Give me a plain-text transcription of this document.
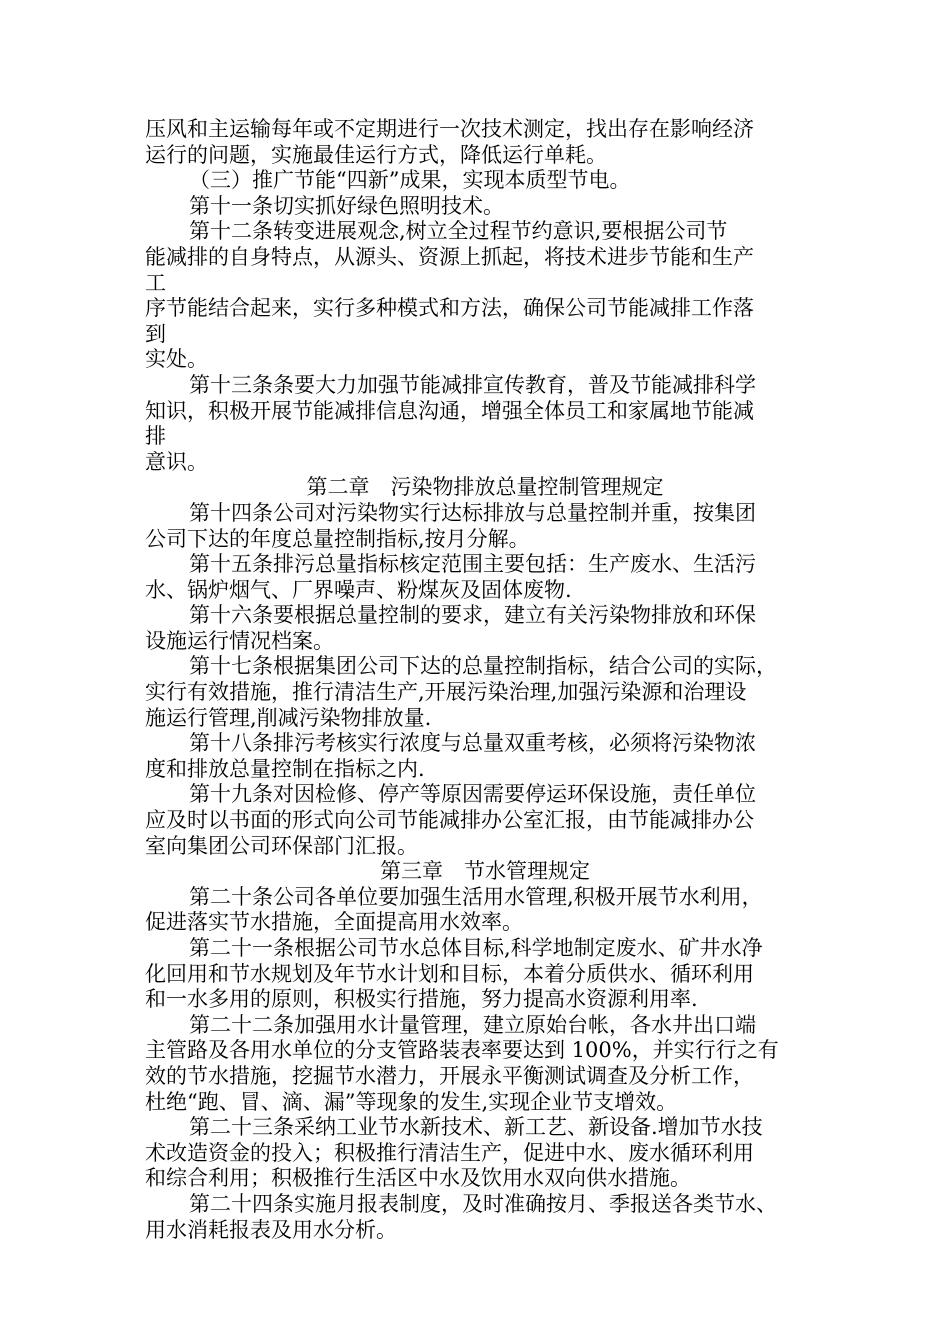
压风和主运输每年或不定期进行一次技术测定，找出存在影响经济
运行的问题，实施最佳运行方式，降低运行单耗。
（三）推广节能“四新”成果，实现本质型节电。
第十一条切实抓好绿色照明技术。
第十二条转变进展观念,树立全过程节约意识,要根据公司节
能减排的自身特点，从源头、资源上抓起，将技术进步节能和生产
工
序节能结合起来，实行多种模式和方法，确保公司节能减排工作落
到
实处。
第十三条条要大力加强节能减排宣传教育，普及节能减排科学
知识，积极开展节能减排信息沟通，增强全体员工和家属地节能减
排
意识。
第二章　污染物排放总量控制管理规定
第十四条公司对污染物实行达标排放与总量控制并重，按集团
公司下达的年度总量控制指标,按月分解。
第十五条排污总量指标核定范围主要包括：生产废水、生活污
水、锅炉烟气、厂界噪声、粉煤灰及固体废物.
第十六条要根据总量控制的要求，建立有关污染物排放和环保
设施运行情况档案。
第十七条根据集团公司下达的总量控制指标，结合公司的实际，
实行有效措施，推行清洁生产,开展污染治理,加强污染源和治理设
施运行管理,削减污染物排放量.
第十八条排污考核实行浓度与总量双重考核，必须将污染物浓
度和排放总量控制在指标之内.
第十九条对因检修、停产等原因需要停运环保设施，责任单位
应及时以书面的形式向公司节能减排办公室汇报，由节能减排办公
室向集团公司环保部门汇报。
第三章　节水管理规定
第二十条公司各单位要加强生活用水管理,积极开展节水利用，
促进落实节水措施，全面提高用水效率。
第二十一条根据公司节水总体目标,科学地制定废水、矿井水净
化回用和节水规划及年节水计划和目标，本着分质供水、循环利用
和一水多用的原则，积极实行措施，努力提高水资源利用率.
第二十二条加强用水计量管理，建立原始台帐，各水井出口端
主管路及各用水单位的分支管路装表率要达到 100%，并实行行之有
效的节水措施，挖掘节水潜力，开展永平衡测试调查及分析工作，
杜绝“跑、冒、滴、漏”等现象的发生,实现企业节支增效。
第二十三条采纳工业节水新技术、新工艺、新设备.增加节水技
术改造资金的投入；积极推行清洁生产，促进中水、废水循环利用
和综合利用；积极推行生活区中水及饮用水双向供水措施。
第二十四条实施月报表制度，及时准确按月、季报送各类节水、
用水消耗报表及用水分析。
